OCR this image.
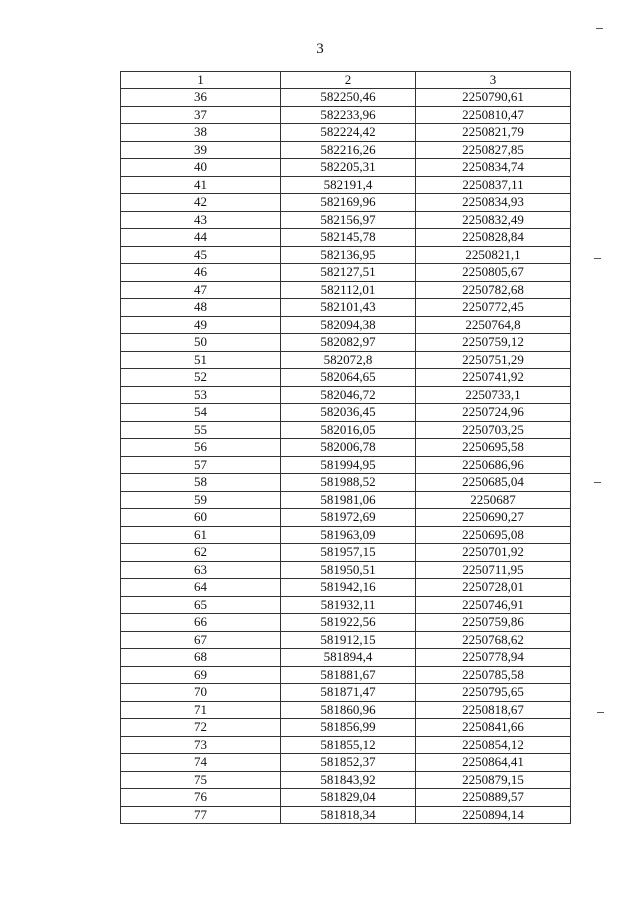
3
1	2	3
36	582250,46	2250790,61
37	582233,96	2250810,47
38	582224,42	2250821,79
39	582216,26	2250827,85
40	582205,31	2250834,74
41	582191,4	2250837,11
42	582169,96	2250834,93
43	582156,97	2250832,49
44	582145,78	2250828,84
45	582136,95	2250821,1
46	582127,51	2250805,67
47	582112,01	2250782,68
48	582101,43	2250772,45
49	582094,38	2250764,8
50	582082,97	2250759,12
51	582072,8	2250751,29
52	582064,65	2250741,92
53	582046,72	2250733,1
54	582036,45	2250724,96
55	582016,05	2250703,25
56	582006,78	2250695,58
57	581994,95	2250686,96
58	581988,52	2250685,04
59	581981,06	2250687
60	581972,69	2250690,27
61	581963,09	2250695,08
62	581957,15	2250701,92
63	581950,51	2250711,95
64	581942,16	2250728,01
65	581932,11	2250746,91
66	581922,56	2250759,86
67	581912,15	2250768,62
68	581894,4	2250778,94
69	581881,67	2250785,58
70	581871,47	2250795,65
71	581860,96	2250818,67
72	581856,99	2250841,66
73	581855,12	2250854,12
74	581852,37	2250864,41
75	581843,92	2250879,15
76	581829,04	2250889,57
77	581818,34	2250894,14
